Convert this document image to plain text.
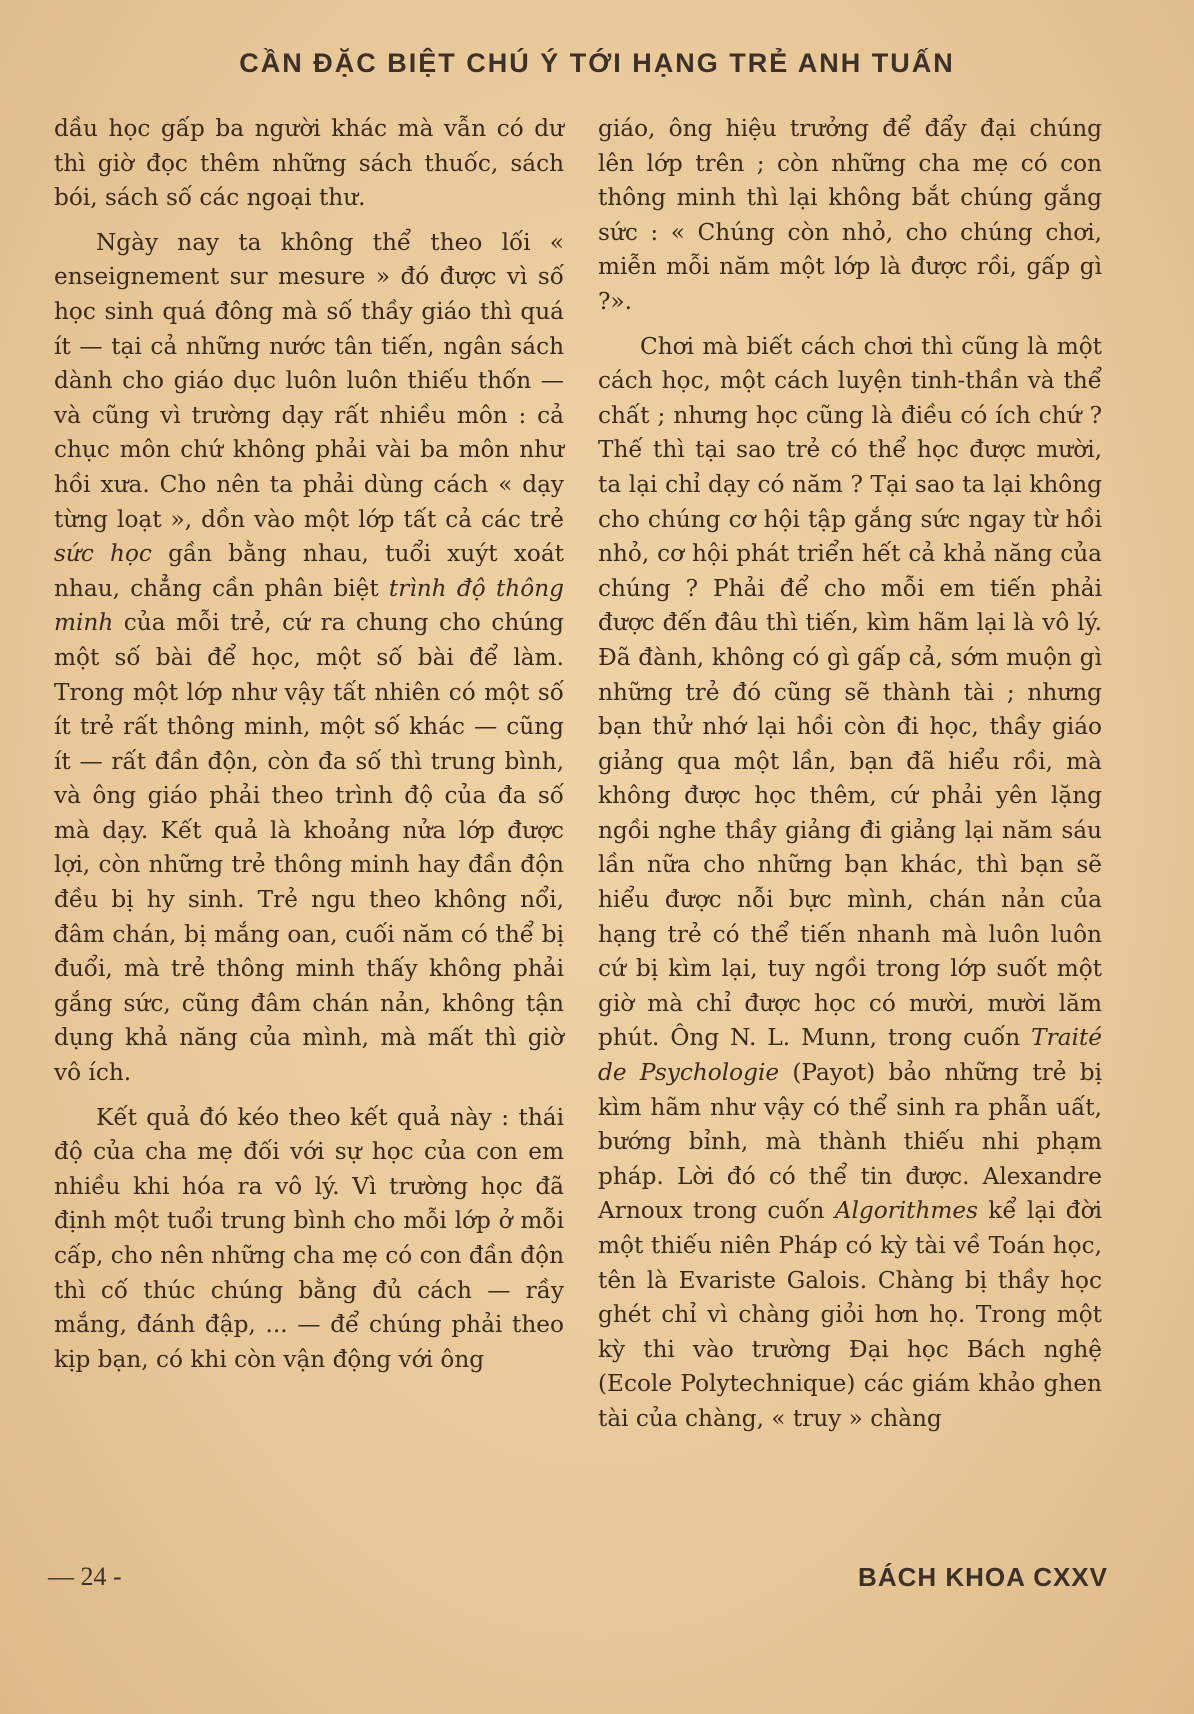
CẦN ĐẶC BIỆT CHÚ Ý TỚI HẠNG TRẺ ANH TUẤN

dầu học gấp ba người khác mà vẫn có dư thì giờ đọc thêm những sách thuốc, sách bói, sách số các ngoại thư.

Ngày nay ta không thể theo lối « enseignement sur mesure » đó được vì số học sinh quá đông mà số thầy giáo thì quá ít — tại cả những nước tân tiến, ngân sách dành cho giáo dục luôn luôn thiếu thốn — và cũng vì trường dạy rất nhiều môn : cả chục môn chứ không phải vài ba môn như hồi xưa. Cho nên ta phải dùng cách « dạy từng loạt », dồn vào một lớp tất cả các trẻ sức học gần bằng nhau, tuổi xuýt xoát nhau, chẳng cần phân biệt trình độ thông minh của mỗi trẻ, cứ ra chung cho chúng một số bài để học, một số bài để làm. Trong một lớp như vậy tất nhiên có một số ít trẻ rất thông minh, một số khác — cũng ít — rất đần độn, còn đa số thì trung bình, và ông giáo phải theo trình độ của đa số mà dạy. Kết quả là khoảng nửa lớp được lợi, còn những trẻ thông minh hay đần độn đều bị hy sinh. Trẻ ngu theo không nổi, đâm chán, bị mắng oan, cuối năm có thể bị đuổi, mà trẻ thông minh thấy không phải gắng sức, cũng đâm chán nản, không tận dụng khả năng của mình, mà mất thì giờ vô ích.

Kết quả đó kéo theo kết quả này : thái độ của cha mẹ đối với sự học của con em nhiều khi hóa ra vô lý. Vì trường học đã định một tuổi trung bình cho mỗi lớp ở mỗi cấp, cho nên những cha mẹ có con đần độn thì cố thúc chúng bằng đủ cách — rầy mắng, đánh đập, ... — để chúng phải theo kịp bạn, có khi còn vận động với ông

giáo, ông hiệu trưởng để đẩy đại chúng lên lớp trên ; còn những cha mẹ có con thông minh thì lại không bắt chúng gắng sức : « Chúng còn nhỏ, cho chúng chơi, miễn mỗi năm một lớp là được rồi, gấp gì ?».

Chơi mà biết cách chơi thì cũng là một cách học, một cách luyện tinh-thần và thể chất ; nhưng học cũng là điều có ích chứ ? Thế thì tại sao trẻ có thể học được mười, ta lại chỉ dạy có năm ? Tại sao ta lại không cho chúng cơ hội tập gắng sức ngay từ hồi nhỏ, cơ hội phát triển hết cả khả năng của chúng ? Phải để cho mỗi em tiến phải được đến đâu thì tiến, kìm hãm lại là vô lý. Đã đành, không có gì gấp cả, sớm muộn gì những trẻ đó cũng sẽ thành tài ; nhưng bạn thử nhớ lại hồi còn đi học, thầy giáo giảng qua một lần, bạn đã hiểu rồi, mà không được học thêm, cứ phải yên lặng ngồi nghe thầy giảng đi giảng lại năm sáu lần nữa cho những bạn khác, thì bạn sẽ hiểu được nỗi bực mình, chán nản của hạng trẻ có thể tiến nhanh mà luôn luôn cứ bị kìm lại, tuy ngồi trong lớp suốt một giờ mà chỉ được học có mười, mười lăm phút. Ông N. L. Munn, trong cuốn Traité de Psychologie (Payot) bảo những trẻ bị kìm hãm như vậy có thể sinh ra phẫn uất, bướng bỉnh, mà thành thiếu nhi phạm pháp. Lời đó có thể tin được. Alexandre Arnoux trong cuốn Algorithmes kể lại đời một thiếu niên Pháp có kỳ tài về Toán học, tên là Evariste Galois. Chàng bị thầy học ghét chỉ vì chàng giỏi hơn họ. Trong một kỳ thi vào trường Đại học Bách nghệ (Ecole Polytechnique) các giám khảo ghen tài của chàng, « truy » chàng

— 24 -	BÁCH KHOA CXXV
